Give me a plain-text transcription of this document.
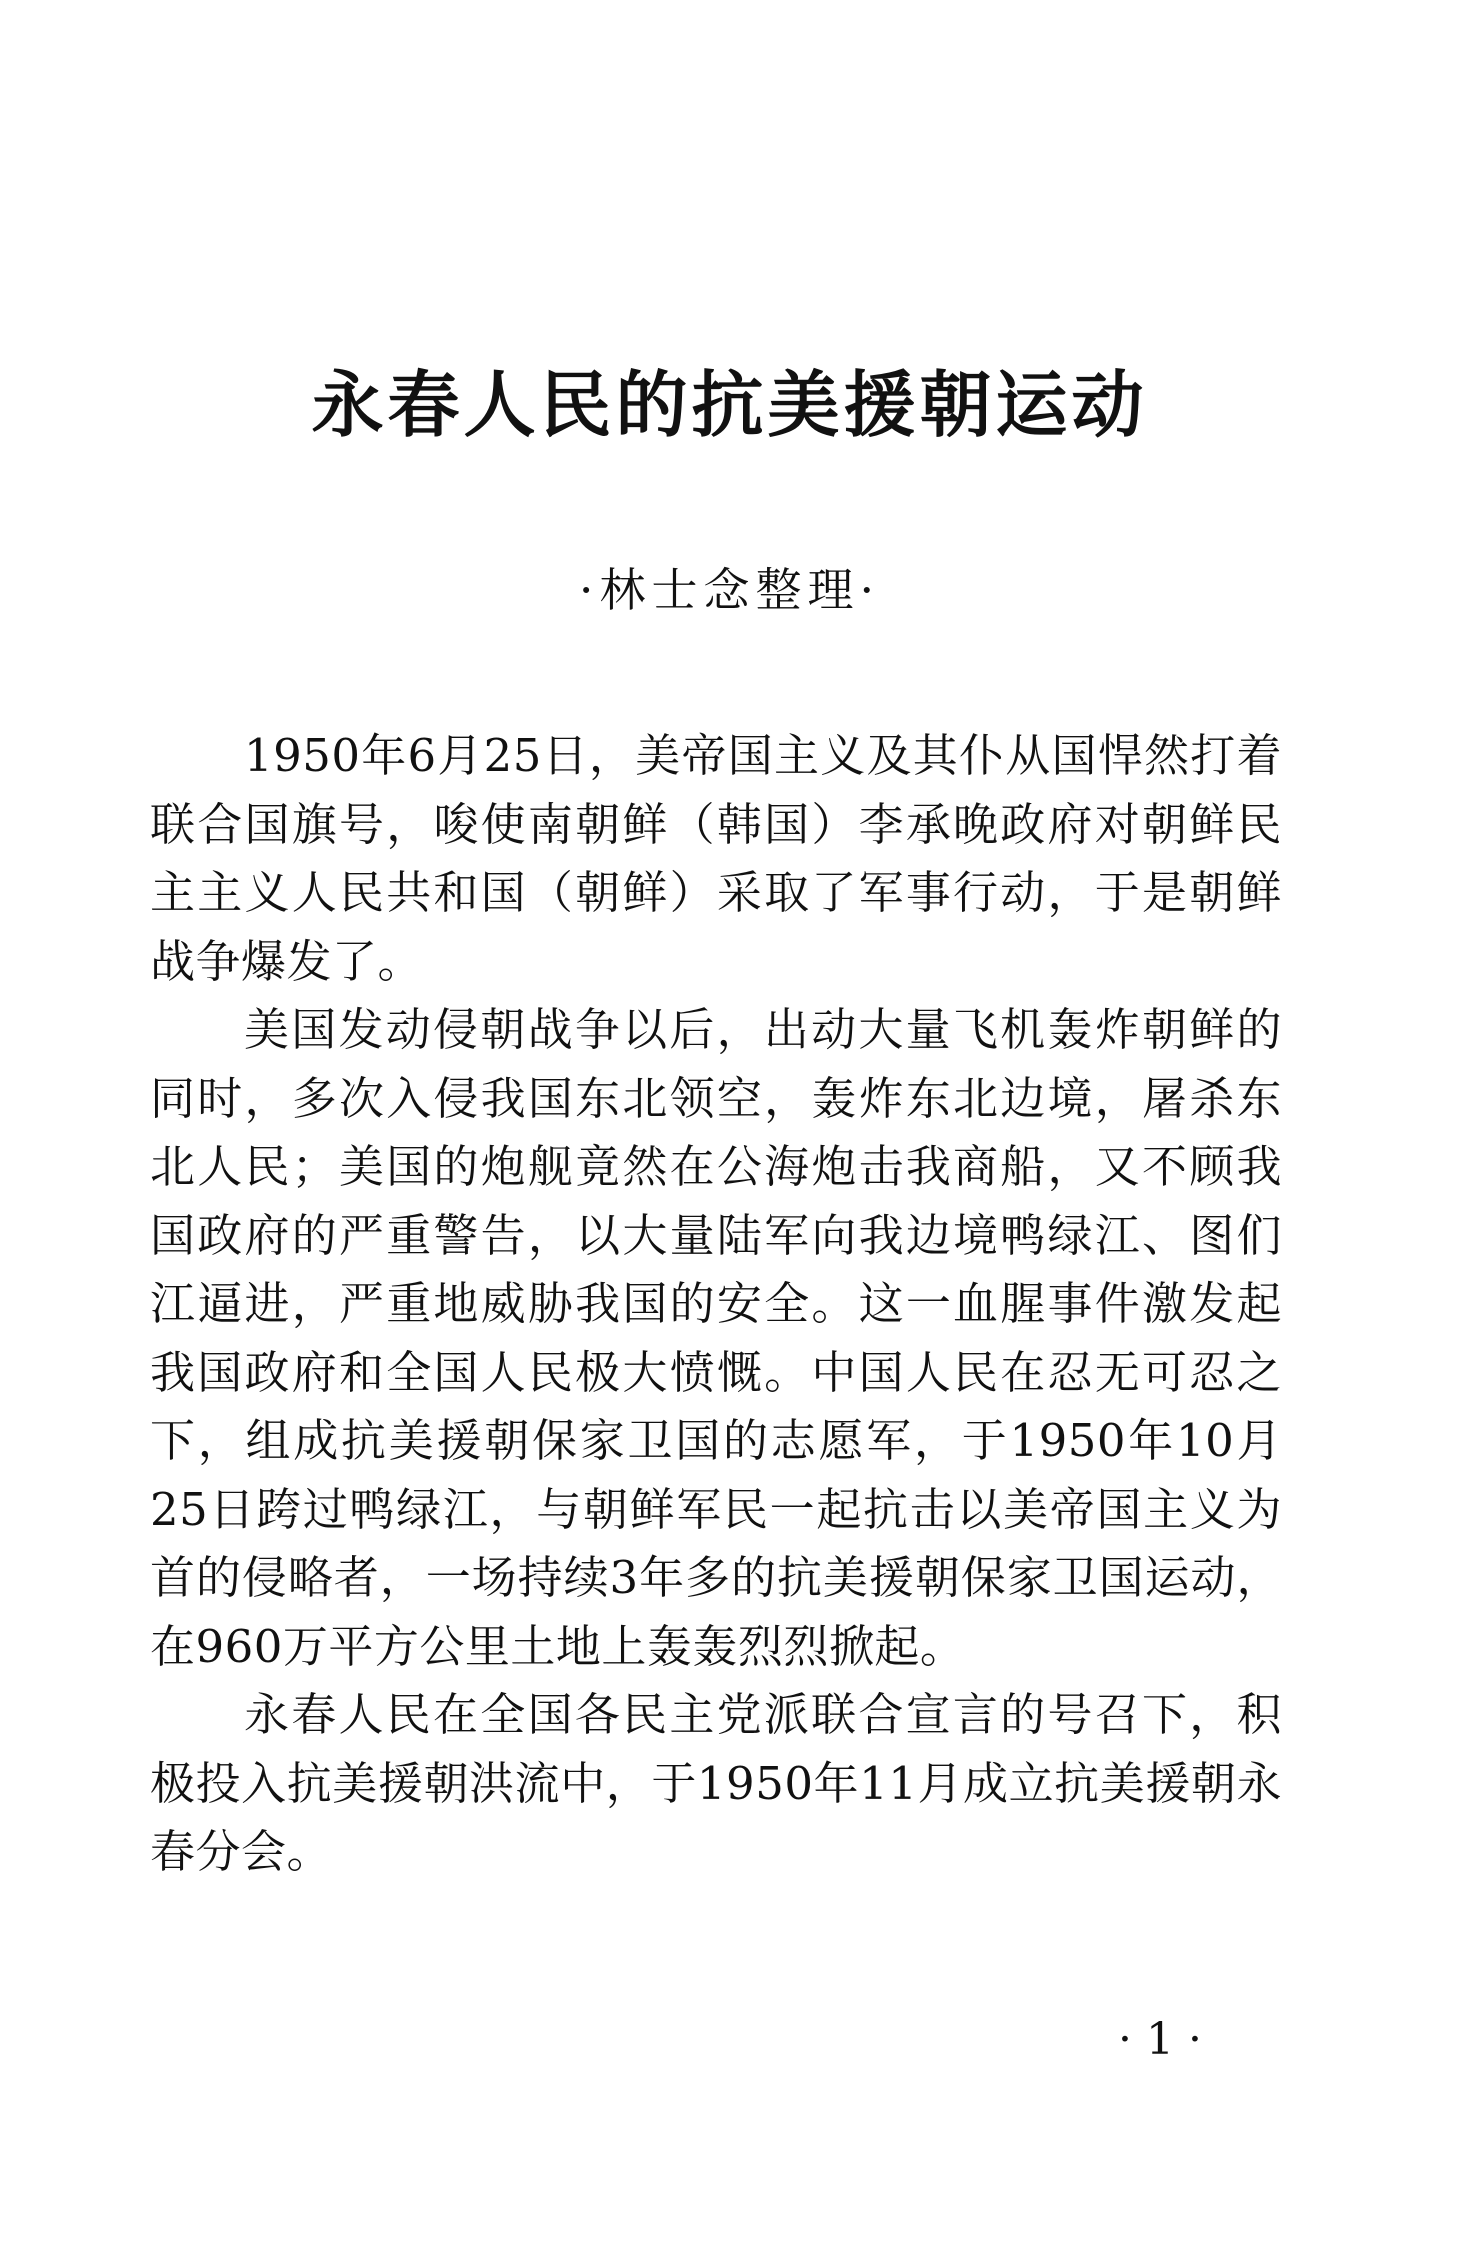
永春人民的抗美援朝运动
·林士念整理·

1950年6月25日，美帝国主义及其仆从国悍然打着联合国旗号，唆使南朝鲜（韩国）李承晚政府对朝鲜民主主义人民共和国（朝鲜）采取了军事行动，于是朝鲜战争爆发了。

美国发动侵朝战争以后，出动大量飞机轰炸朝鲜的同时，多次入侵我国东北领空，轰炸东北边境，屠杀东北人民；美国的炮舰竟然在公海炮击我商船，又不顾我国政府的严重警告，以大量陆军向我边境鸭绿江、图们江逼进，严重地威胁我国的安全。这一血腥事件激发起我国政府和全国人民极大愤慨。中国人民在忍无可忍之下，组成抗美援朝保家卫国的志愿军，于1950年10月25日跨过鸭绿江，与朝鲜军民一起抗击以美帝国主义为首的侵略者，一场持续3年多的抗美援朝保家卫国运动，在960万平方公里土地上轰轰烈烈掀起。

永春人民在全国各民主党派联合宣言的号召下，积极投入抗美援朝洪流中，于1950年11月成立抗美援朝永春分会。

· 1 ·
